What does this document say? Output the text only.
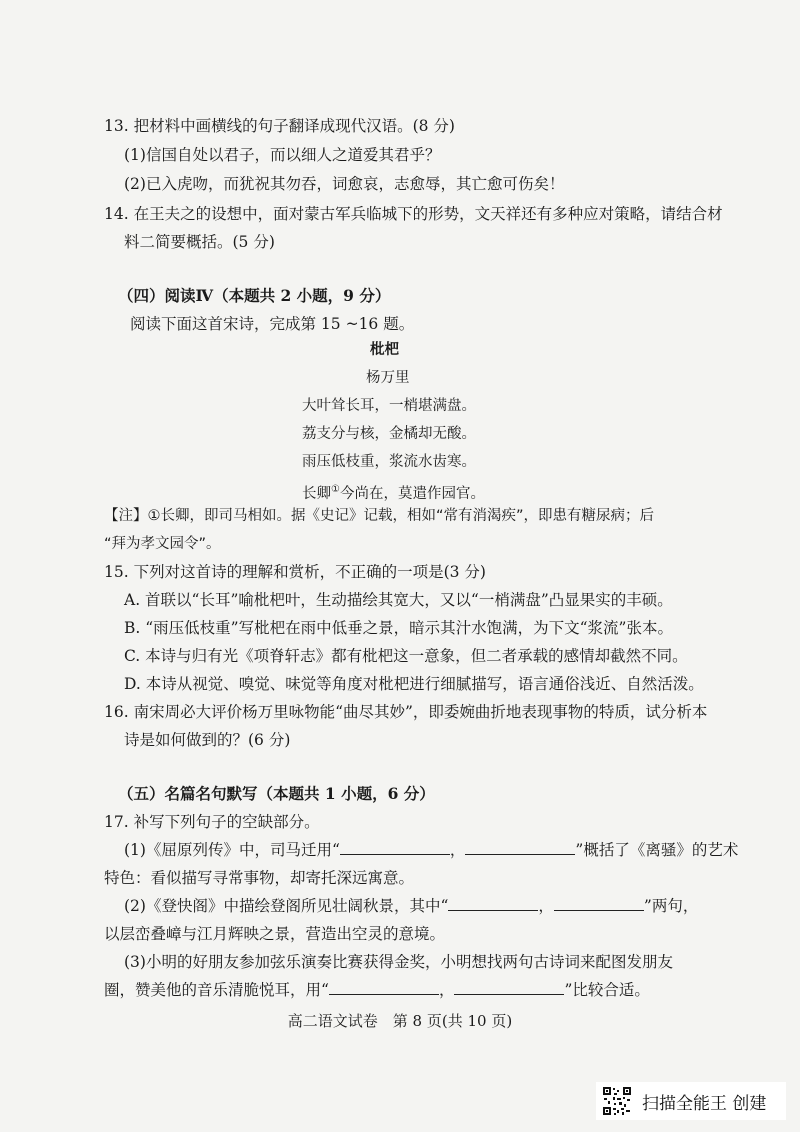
13. 把材料中画横线的句子翻译成现代汉语。(8 分)
(1)信国自处以君子，而以细人之道爱其君乎？
(2)已入虎吻，而犹祝其勿吞，词愈哀，志愈辱，其亡愈可伤矣！
14. 在王夫之的设想中，面对蒙古军兵临城下的形势，文天祥还有多种应对策略，请结合材
料二简要概括。(5 分)
（四）阅读Ⅳ（本题共 2 小题，9 分）
阅读下面这首宋诗，完成第 15 ~16 题。
枇杷
杨万里
大叶耸长耳，一梢堪满盘。
荔支分与核，金橘却无酸。
雨压低枝重，浆流水齿寒。
长卿①今尚在，莫遣作园官。
【注】①长卿，即司马相如。据《史记》记载，相如“常有消渴疾”，即患有糖尿病；后
“拜为孝文园令”。
15. 下列对这首诗的理解和赏析，不正确的一项是(3 分)
A. 首联以“长耳”喻枇杷叶，生动描绘其宽大，又以“一梢满盘”凸显果实的丰硕。
B. “雨压低枝重”写枇杷在雨中低垂之景，暗示其汁水饱满，为下文“浆流”张本。
C. 本诗与归有光《项脊轩志》都有枇杷这一意象，但二者承载的感情却截然不同。
D. 本诗从视觉、嗅觉、味觉等角度对枇杷进行细腻描写，语言通俗浅近、自然活泼。
16. 南宋周必大评价杨万里咏物能“曲尽其妙”，即委婉曲折地表现事物的特质，试分析本
诗是如何做到的？(6 分)
（五）名篇名句默写（本题共 1 小题，6 分）
17. 补写下列句子的空缺部分。
(1)《屈原列传》中，司马迁用“	，	”概括了《离骚》的艺术
特色：看似描写寻常事物，却寄托深远寓意。
(2)《登快阁》中描绘登阁所见壮阔秋景，其中“	，	”两句，
以层峦叠嶂与江月辉映之景，营造出空灵的意境。
(3)小明的好朋友参加弦乐演奏比赛获得金奖，小明想找两句古诗词来配图发朋友
圈，赞美他的音乐清脆悦耳，用“	，	”比较合适。
高二语文试卷　第 8 页(共 10 页)
扫描全能王 创建
